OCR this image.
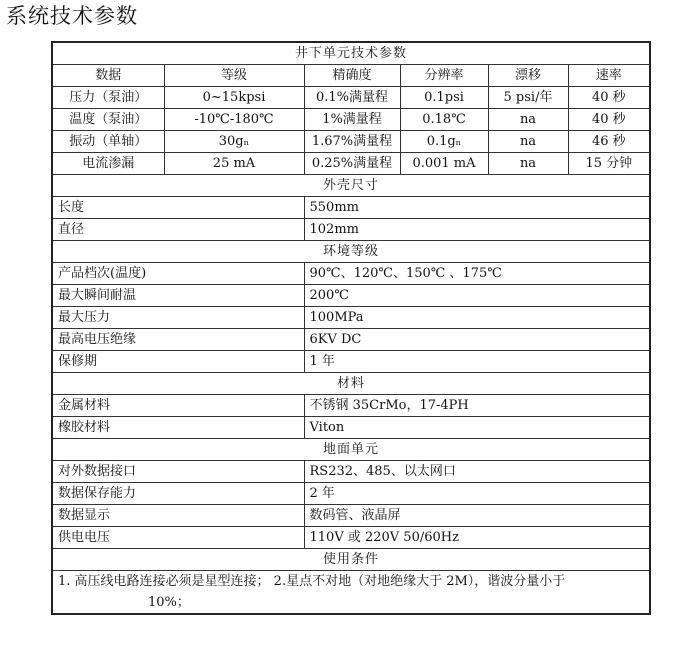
系统技术参数
井下单元技术参数					
数据	等级	精确度	分辨率	漂移	速率
压力（泵油）	0~15kpsi	0.1%满量程	0.1psi	5 psi/年	40 秒
温度（泵油）	-10℃-180℃	1%满量程	0.18℃	na	40 秒
振动（单轴）	30gₙ	1.67%满量程	0.1gₙ	na	46 秒
电流渗漏	25 mA	0.25%满量程	0.001 mA	na	15 分钟
外壳尺寸					
长度		550mm			
直径		102mm			
环境等级					
产品档次(温度)		90℃、120℃、150℃ 、175℃			
最大瞬间耐温		200℃			
最大压力		100MPa			
最高电压绝缘		6KV DC			
保修期		1 年			
材料					
金属材料		不锈钢 35CrMo，17-4PH			
橡胶材料		Viton			
地面单元					
对外数据接口		RS232、485、以太网口			
数据保存能力		2 年			
数据显示		数码管、液晶屏			
供电电压		110V 或 220V 50/60Hz			
使用条件					
1. 高压线电路连接必须是星型连接； 2.星点不对地（对地绝缘大于 2M），谐波分量小于

10%；					
